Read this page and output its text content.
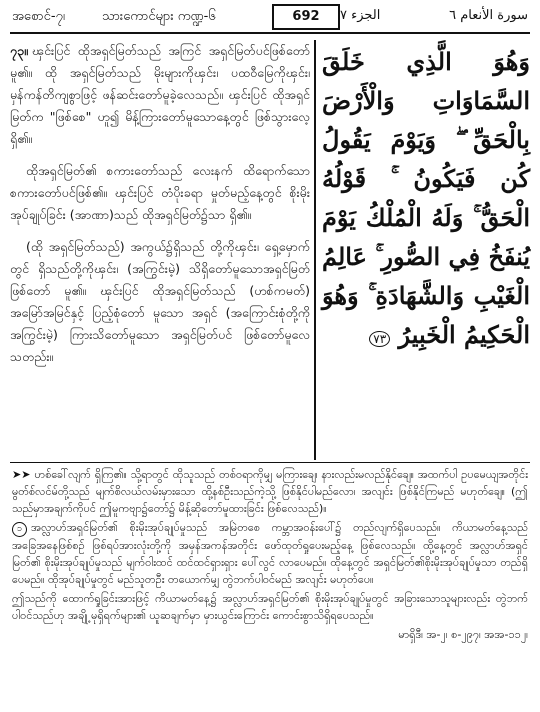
အစောင်-၇၊	သားကောင်များ ကဏ္ဍ-၆	692	الجزء ٧	سورة الأنعام ٦

၇၃။ ၾင်းပြင် ထိုအရှင်မြတ်သည် အကြင် အရှင်မြတ်ပင်ဖြစ်တော်မူ၏။ ထို အရှင်မြတ်သည် မိုးများကိုၾင်း၊ ပထဝီမြေကိုၾင်း၊ မှန်ကန်တိကျစွာဖြင့် ဖန်ဆင်းတော်မူခဲ့လေသည်။ ၾင်းပြင် ထိုအရှင်မြတ်က "ဖြစ်စေ" ဟူ၍ မိန့်ကြားတော်မူသောနေ့တွင် ဖြစ်သွားလေ့ရှိ၏။

ထိုအရှင်မြတ်၏ စကားတော်သည် လေးနက် ထိရောက်သော စကားတော်ပင်ဖြစ်၏။ ၾင်းပြင် တံပိုးခရာ မှုတ်မည့်နေ့တွင် စိုးမိုး အုပ်ချုပ်ခြင်း (အာဏာ)သည် ထိုအရှင်မြတ်၌သာ ရှိ၏။

(ထို အရှင်မြတ်သည်) အကွယ်၌ရှိသည် တို့ကိုၾင်း၊ ရှေ့မှောက်တွင် ရှိသည်တို့ကိုၾင်း၊ (အကြွင်းမဲ့) သိရှိတော်မူသောအရှင်မြတ် ဖြစ်တော် မူ၏။ ၾင်းပြင် ထိုအရှင်မြတ်သည် (ဟစ်ကမတ်) အမြော်အမြင်နှင့် ပြည့်စုံတော် မူသော အရှင် (အကြောင်းစုံတို့ကို အကြွင်းမဲ့) ကြားသိတော်မူသော အရှင်မြတ်ပင် ဖြစ်တော်မူလေသတည်း။

وَهُوَ الَّذِي خَلَقَ السَّمَاوَاتِ وَالْأَرْضَ بِالْحَقِّ ۖ وَيَوْمَ يَقُولُ كُن فَيَكُونُ ۚ قَوْلُهُ الْحَقُّ ۚ وَلَهُ الْمُلْكُ يَوْمَ يُنفَخُ فِي الصُّورِ ۚ عَالِمُ الْغَيْبِ وَالشَّهَادَةِ ۚ وَهُوَ الْحَكِيمُ الْخَبِيرُ ٧٣

➤➤ ဟစ်ခေါ်လျက် ရှိကြ၏။ သို့ရာတွင် ထိုသူသည် တစ်ဝရာကိုမျှ မကြားချေ၊ နားလည်းမလည်နိုင်ချေ။ အထက်ပါ ဥပမေယျအတိုင်း မွတ်စ်လင်မ်တို့သည် မျက်စိလယ်လမ်းမှားသော ထို့နစ်ဦးသည်ကဲ့သို့ ဖြစ်နိုင်ပါမည်လော၊ အလျင်း ဖြစ်နိုင်ကြမည် မဟုတ်ချေ။ (ဤသည်မှာအချက်ကိုပင် ဤမူကဗျာ၌တော်၌ မိန့်ဆိုတော်မူထားခြင်း ဖြစ်လေသည်)။

၁ အလ္လာဟ်အရှင်မြတ်၏ စိုးမိုးအုပ်ချုပ်မှုသည် အမြဲတစေ ကမ္ဘာအဝန်းပေါ်၌ တည်လျက်ရှိပေသည်။ ကိယာမတ်နေ့သည် အခြေအနေဖြစ်စဉ် ဖြစ်ရပ်အားလုံးတို့ကို အမှန်အကန်အတိုင်း ဖော်ထုတ်ရှုပေးမည့်နေ့ ဖြစ်လေသည်။ ထို့နေ့တွင် အလ္လာဟ်အရှင်မြတ်၏ စိုးမိုးအုပ်ချုပ်မှုသည် မျက်ဝါးထင် ထင်ထင်ရှားရှား ပေါ်လွင် လာပေမည်။ ထိုနေ့တွင် အရှင်မြတ်၏စိုးမိုးအုပ်ချုပ်မှုသာ တည်ရှိပေမည်။ ထိုအုပ်ချုပ်မှုတွင် မည်သူတဦး တယောက်မျှ တွဲဘက်ပါဝင်မည် အလျင်း မဟုတ်ပေ။

ဤသည်ကို ထောက်ရှုခြင်းအားဖြင့် ကိယာမတ်နေ့၌ အလ္လာဟ်အရှင်မြတ်၏ စိုးမိုးအုပ်ချုပ်မှုတွင် အခြားသောသူများလည်း တွဲဘက်ပါဝင်သည်ဟု အချို့ မုရှိရက်များ၏ ယူဆချက်မှာ မှားယွင်းကြောင်း ကောင်းစွာသိရှိရပေသည်။

မာရှိဒီ၊ အ-၂၊ စ-၂၉၇၊ အအ-၁၁၂၊
